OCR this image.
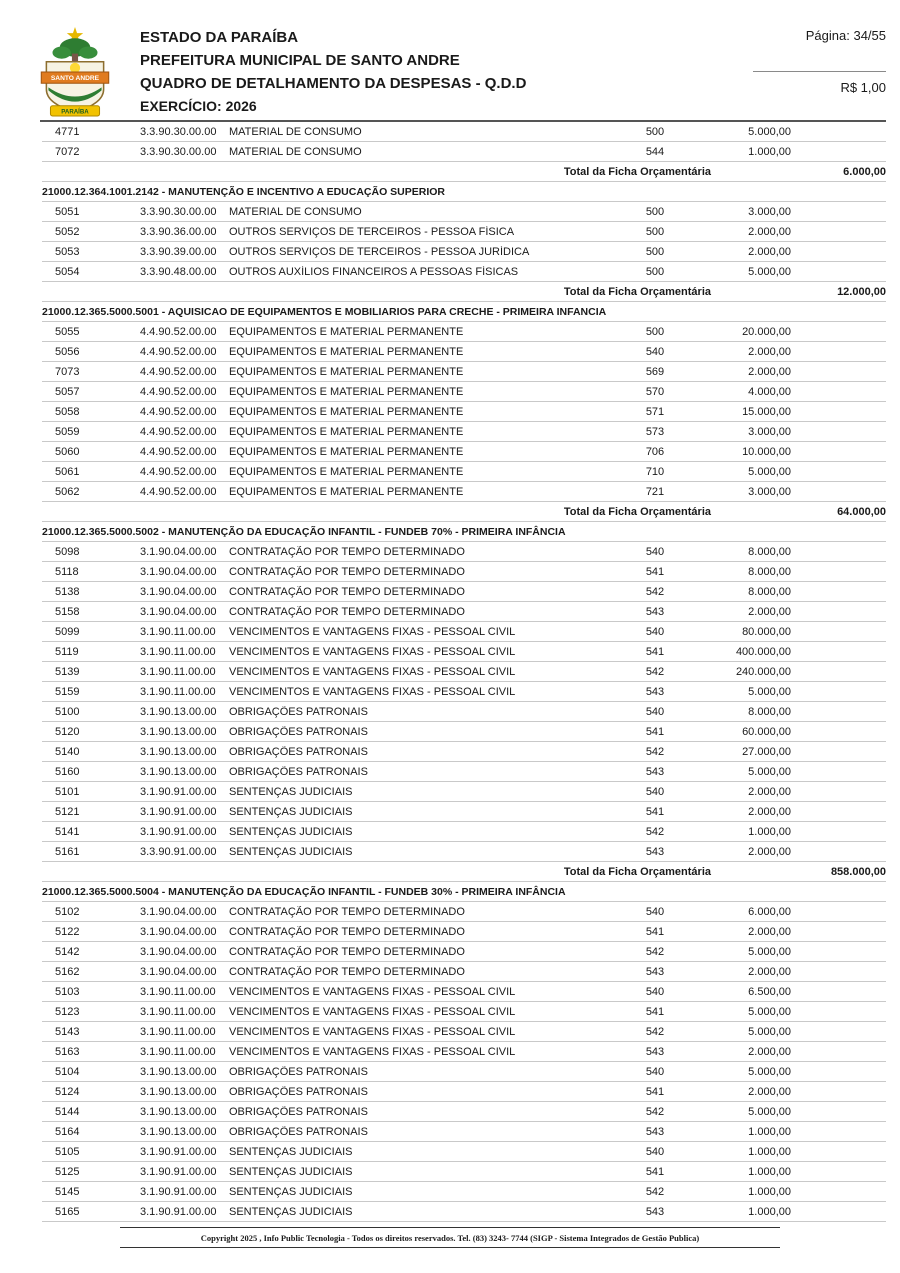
SANTO ANDRE
PARAÍBA
ESTADO DA PARAÍBA
PREFEITURA MUNICIPAL DE SANTO ANDRE
QUADRO DE DETALHAMENTO DA DESPESAS - Q.D.D
EXERCÍCIO: 2026
Página: 34/55
R$ 1,00
4771	3.3.90.30.00.00	MATERIAL DE CONSUMO	500	5.000,00
7072	3.3.90.30.00.00	MATERIAL DE CONSUMO	544	1.000,00
Total da Ficha Orçamentária	6.000,00
21000.12.364.1001.2142 - MANUTENÇÃO E INCENTIVO A EDUCAÇÃO SUPERIOR
5051	3.3.90.30.00.00	MATERIAL DE CONSUMO	500	3.000,00
5052	3.3.90.36.00.00	OUTROS SERVIÇOS DE TERCEIROS - PESSOA FÍSICA	500	2.000,00
5053	3.3.90.39.00.00	OUTROS SERVIÇOS DE TERCEIROS - PESSOA JURÍDICA	500	2.000,00
5054	3.3.90.48.00.00	OUTROS AUXÍLIOS FINANCEIROS A PESSOAS FÍSICAS	500	5.000,00
Total da Ficha Orçamentária	12.000,00
21000.12.365.5000.5001 - AQUISICAO DE EQUIPAMENTOS E MOBILIARIOS PARA CRECHE - PRIMEIRA INFANCIA
5055	4.4.90.52.00.00	EQUIPAMENTOS E MATERIAL PERMANENTE	500	20.000,00
5056	4.4.90.52.00.00	EQUIPAMENTOS E MATERIAL PERMANENTE	540	2.000,00
7073	4.4.90.52.00.00	EQUIPAMENTOS E MATERIAL PERMANENTE	569	2.000,00
5057	4.4.90.52.00.00	EQUIPAMENTOS E MATERIAL PERMANENTE	570	4.000,00
5058	4.4.90.52.00.00	EQUIPAMENTOS E MATERIAL PERMANENTE	571	15.000,00
5059	4.4.90.52.00.00	EQUIPAMENTOS E MATERIAL PERMANENTE	573	3.000,00
5060	4.4.90.52.00.00	EQUIPAMENTOS E MATERIAL PERMANENTE	706	10.000,00
5061	4.4.90.52.00.00	EQUIPAMENTOS E MATERIAL PERMANENTE	710	5.000,00
5062	4.4.90.52.00.00	EQUIPAMENTOS E MATERIAL PERMANENTE	721	3.000,00
Total da Ficha Orçamentária	64.000,00
21000.12.365.5000.5002 - MANUTENÇÃO DA EDUCAÇÃO INFANTIL - FUNDEB 70% - PRIMEIRA INFÂNCIA
5098	3.1.90.04.00.00	CONTRATAÇÃO POR TEMPO DETERMINADO	540	8.000,00
5118	3.1.90.04.00.00	CONTRATAÇÃO POR TEMPO DETERMINADO	541	8.000,00
5138	3.1.90.04.00.00	CONTRATAÇÃO POR TEMPO DETERMINADO	542	8.000,00
5158	3.1.90.04.00.00	CONTRATAÇÃO POR TEMPO DETERMINADO	543	2.000,00
5099	3.1.90.11.00.00	VENCIMENTOS E VANTAGENS FIXAS - PESSOAL CIVIL	540	80.000,00
5119	3.1.90.11.00.00	VENCIMENTOS E VANTAGENS FIXAS - PESSOAL CIVIL	541	400.000,00
5139	3.1.90.11.00.00	VENCIMENTOS E VANTAGENS FIXAS - PESSOAL CIVIL	542	240.000,00
5159	3.1.90.11.00.00	VENCIMENTOS E VANTAGENS FIXAS - PESSOAL CIVIL	543	5.000,00
5100	3.1.90.13.00.00	OBRIGAÇÕES PATRONAIS	540	8.000,00
5120	3.1.90.13.00.00	OBRIGAÇÕES PATRONAIS	541	60.000,00
5140	3.1.90.13.00.00	OBRIGAÇÕES PATRONAIS	542	27.000,00
5160	3.1.90.13.00.00	OBRIGAÇÕES PATRONAIS	543	5.000,00
5101	3.1.90.91.00.00	SENTENÇAS JUDICIAIS	540	2.000,00
5121	3.1.90.91.00.00	SENTENÇAS JUDICIAIS	541	2.000,00
5141	3.1.90.91.00.00	SENTENÇAS JUDICIAIS	542	1.000,00
5161	3.3.90.91.00.00	SENTENÇAS JUDICIAIS	543	2.000,00
Total da Ficha Orçamentária	858.000,00
21000.12.365.5000.5004 - MANUTENÇÃO DA EDUCAÇÃO INFANTIL - FUNDEB 30% - PRIMEIRA INFÂNCIA
5102	3.1.90.04.00.00	CONTRATAÇÃO POR TEMPO DETERMINADO	540	6.000,00
5122	3.1.90.04.00.00	CONTRATAÇÃO POR TEMPO DETERMINADO	541	2.000,00
5142	3.1.90.04.00.00	CONTRATAÇÃO POR TEMPO DETERMINADO	542	5.000,00
5162	3.1.90.04.00.00	CONTRATAÇÃO POR TEMPO DETERMINADO	543	2.000,00
5103	3.1.90.11.00.00	VENCIMENTOS E VANTAGENS FIXAS - PESSOAL CIVIL	540	6.500,00
5123	3.1.90.11.00.00	VENCIMENTOS E VANTAGENS FIXAS - PESSOAL CIVIL	541	5.000,00
5143	3.1.90.11.00.00	VENCIMENTOS E VANTAGENS FIXAS - PESSOAL CIVIL	542	5.000,00
5163	3.1.90.11.00.00	VENCIMENTOS E VANTAGENS FIXAS - PESSOAL CIVIL	543	2.000,00
5104	3.1.90.13.00.00	OBRIGAÇÕES PATRONAIS	540	5.000,00
5124	3.1.90.13.00.00	OBRIGAÇÕES PATRONAIS	541	2.000,00
5144	3.1.90.13.00.00	OBRIGAÇÕES PATRONAIS	542	5.000,00
5164	3.1.90.13.00.00	OBRIGAÇÕES PATRONAIS	543	1.000,00
5105	3.1.90.91.00.00	SENTENÇAS JUDICIAIS	540	1.000,00
5125	3.1.90.91.00.00	SENTENÇAS JUDICIAIS	541	1.000,00
5145	3.1.90.91.00.00	SENTENÇAS JUDICIAIS	542	1.000,00
5165	3.1.90.91.00.00	SENTENÇAS JUDICIAIS	543	1.000,00
Copyright 2025 , Info Public Tecnologia - Todos os direitos reservados. Tel. (83) 3243- 7744 (SIGP - Sistema Integrados de Gestão Publica)
